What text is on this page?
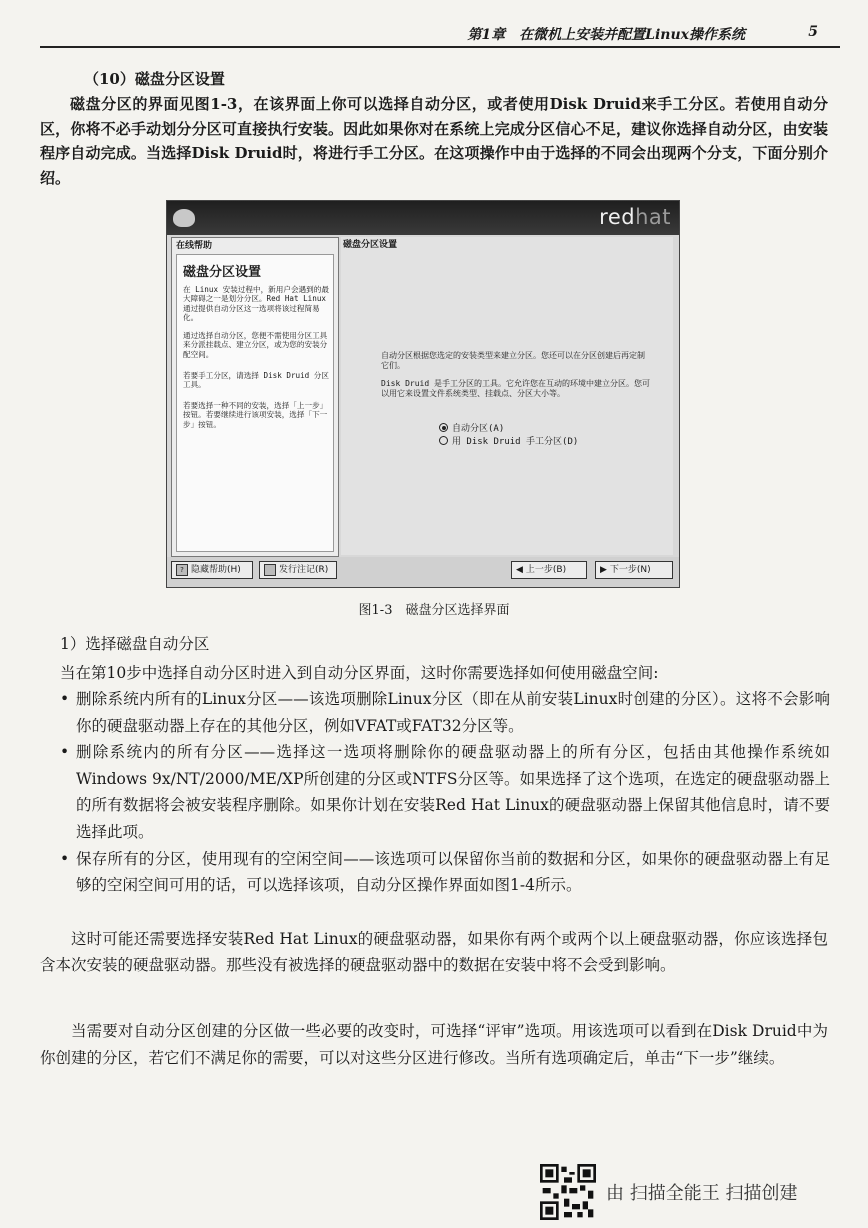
第1章　在微机上安装并配置Linux操作系统	5
（10）磁盘分区设置
磁盘分区的界面见图1-3，在该界面上你可以选择自动分区，或者使用Disk Druid来手工分区。若使用自动分区，你将不必手动划分分区可直接执行安装。因此如果你对在系统上完成分区信心不足，建议你选择自动分区，由安装程序自动完成。当选择Disk Druid时，将进行手工分区。在这项操作中由于选择的不同会出现两个分支，下面分别介绍。
redhat
在线帮助
磁盘分区设置
在 Linux 安装过程中，新用户会遇到的最大障碍之一是划分分区。Red Hat Linux 通过提供自动分区这一选项将该过程简易化。
通过选择自动分区，您便不需使用分区工具来分派挂载点、建立分区，或为您的安装分配空间。
若要手工分区，请选择 Disk Druid 分区工具。
若要选择一种不同的安装，选择「上一步」按钮。若要继续进行该项安装，选择「下一步」按钮。
磁盘分区设置
自动分区根据您选定的安装类型来建立分区。您还可以在分区创建后再定制它们。
Disk Druid 是手工分区的工具。它允许您在互动的环境中建立分区。您可以用它来设置文件系统类型、挂载点、分区大小等。
自动分区(A)
用 Disk Druid 手工分区(D)
? 隐藏帮助(H)	发行注记(R)	◀ 上一步(B)	▶ 下一步(N)
图1-3　磁盘分区选择界面
1）选择磁盘自动分区
当在第10步中选择自动分区时进入到自动分区界面，这时你需要选择如何使用磁盘空间:
• 删除系统内所有的Linux分区——该选项删除Linux分区（即在从前安装Linux时创建的分区）。这将不会影响你的硬盘驱动器上存在的其他分区，例如VFAT或FAT32分区等。
• 删除系统内的所有分区——选择这一选项将删除你的硬盘驱动器上的所有分区，包括由其他操作系统如Windows 9x/NT/2000/ME/XP所创建的分区或NTFS分区等。如果选择了这个选项，在选定的硬盘驱动器上的所有数据将会被安装程序删除。如果你计划在安装Red Hat Linux的硬盘驱动器上保留其他信息时，请不要选择此项。
• 保存所有的分区，使用现有的空闲空间——该选项可以保留你当前的数据和分区，如果你的硬盘驱动器上有足够的空闲空间可用的话，可以选择该项，自动分区操作界面如图1-4所示。
这时可能还需要选择安装Red Hat Linux的硬盘驱动器，如果你有两个或两个以上硬盘驱动器，你应该选择包含本次安装的硬盘驱动器。那些没有被选择的硬盘驱动器中的数据在安装中将不会受到影响。
当需要对自动分区创建的分区做一些必要的改变时，可选择“评审”选项。用该选项可以看到在Disk Druid中为你创建的分区，若它们不满足你的需要，可以对这些分区进行修改。当所有选项确定后，单击“下一步”继续。
由 扫描全能王 扫描创建
